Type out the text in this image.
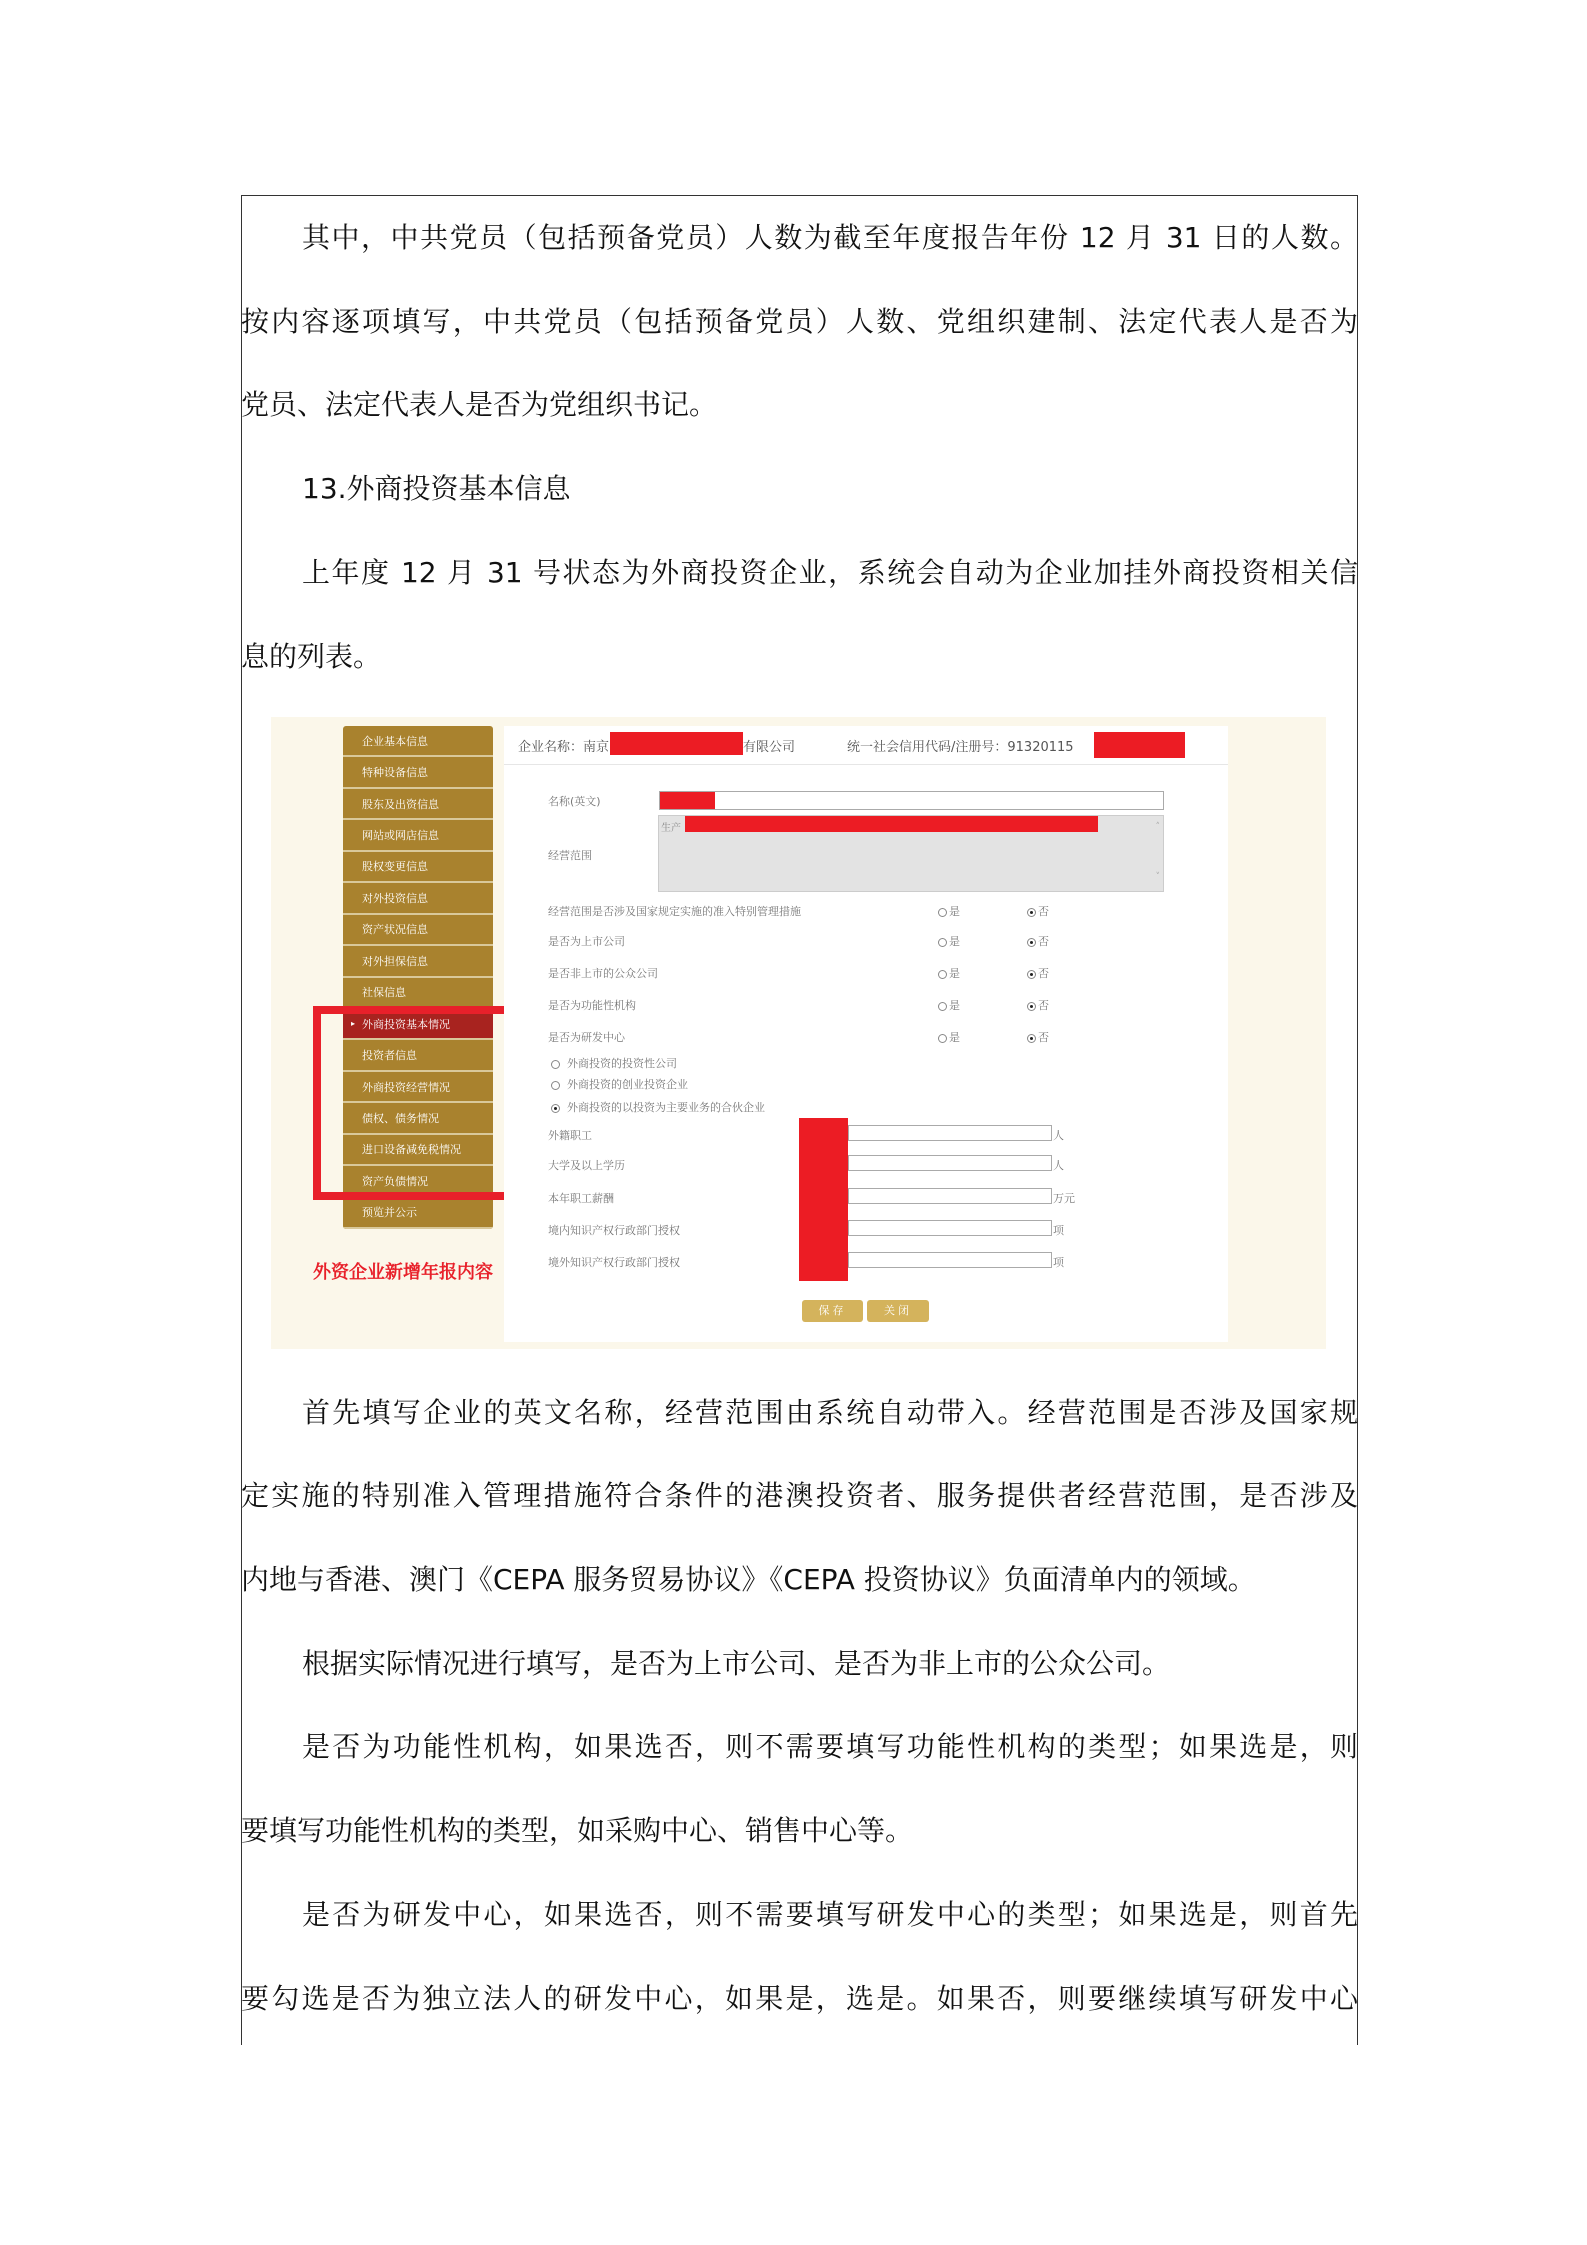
其中，中共党员（包括预备党员）人数为截至年度报告年份 12 月 31 日的人数。
按内容逐项填写，中共党员（包括预备党员）人数、党组织建制、法定代表人是否为
党员、法定代表人是否为党组织书记。
13.外商投资基本信息
上年度 12 月 31 号状态为外商投资企业，系统会自动为企业加挂外商投资相关信
息的列表。
企业基本信息
特种设备信息
股东及出资信息
网站或网店信息
股权变更信息
对外投资信息
资产状况信息
对外担保信息
社保信息
▸ 外商投资基本情况
投资者信息
外商投资经营情况
债权、债务情况
进口设备减免税情况
资产负债情况
预览并公示
外资企业新增年报内容
企业名称：南京	有限公司	统一社会信用代码/注册号：91320115
名称(英文)
生产	˄
˅
经营范围
经营范围是否涉及国家规定实施的准入特别管理措施	是	否
是否为上市公司	是	否
是否非上市的公众公司	是	否
是否为功能性机构	是	否
是否为研发中心	是	否
外商投资的投资性公司
外商投资的创业投资企业
外商投资的以投资为主要业务的合伙企业
外籍职工	人
大学及以上学历	人
本年职工薪酬	万元
境内知识产权行政部门授权	项
境外知识产权行政部门授权	项
保存	关闭
首先填写企业的英文名称，经营范围由系统自动带入。经营范围是否涉及国家规
定实施的特别准入管理措施符合条件的港澳投资者、服务提供者经营范围，是否涉及
内地与香港、澳门《CEPA 服务贸易协议》《CEPA 投资协议》负面清单内的领域。
根据实际情况进行填写，是否为上市公司、是否为非上市的公众公司。
是否为功能性机构，如果选否，则不需要填写功能性机构的类型；如果选是，则
要填写功能性机构的类型，如采购中心、销售中心等。
是否为研发中心，如果选否，则不需要填写研发中心的类型；如果选是，则首先
要勾选是否为独立法人的研发中心，如果是，选是。如果否，则要继续填写研发中心
